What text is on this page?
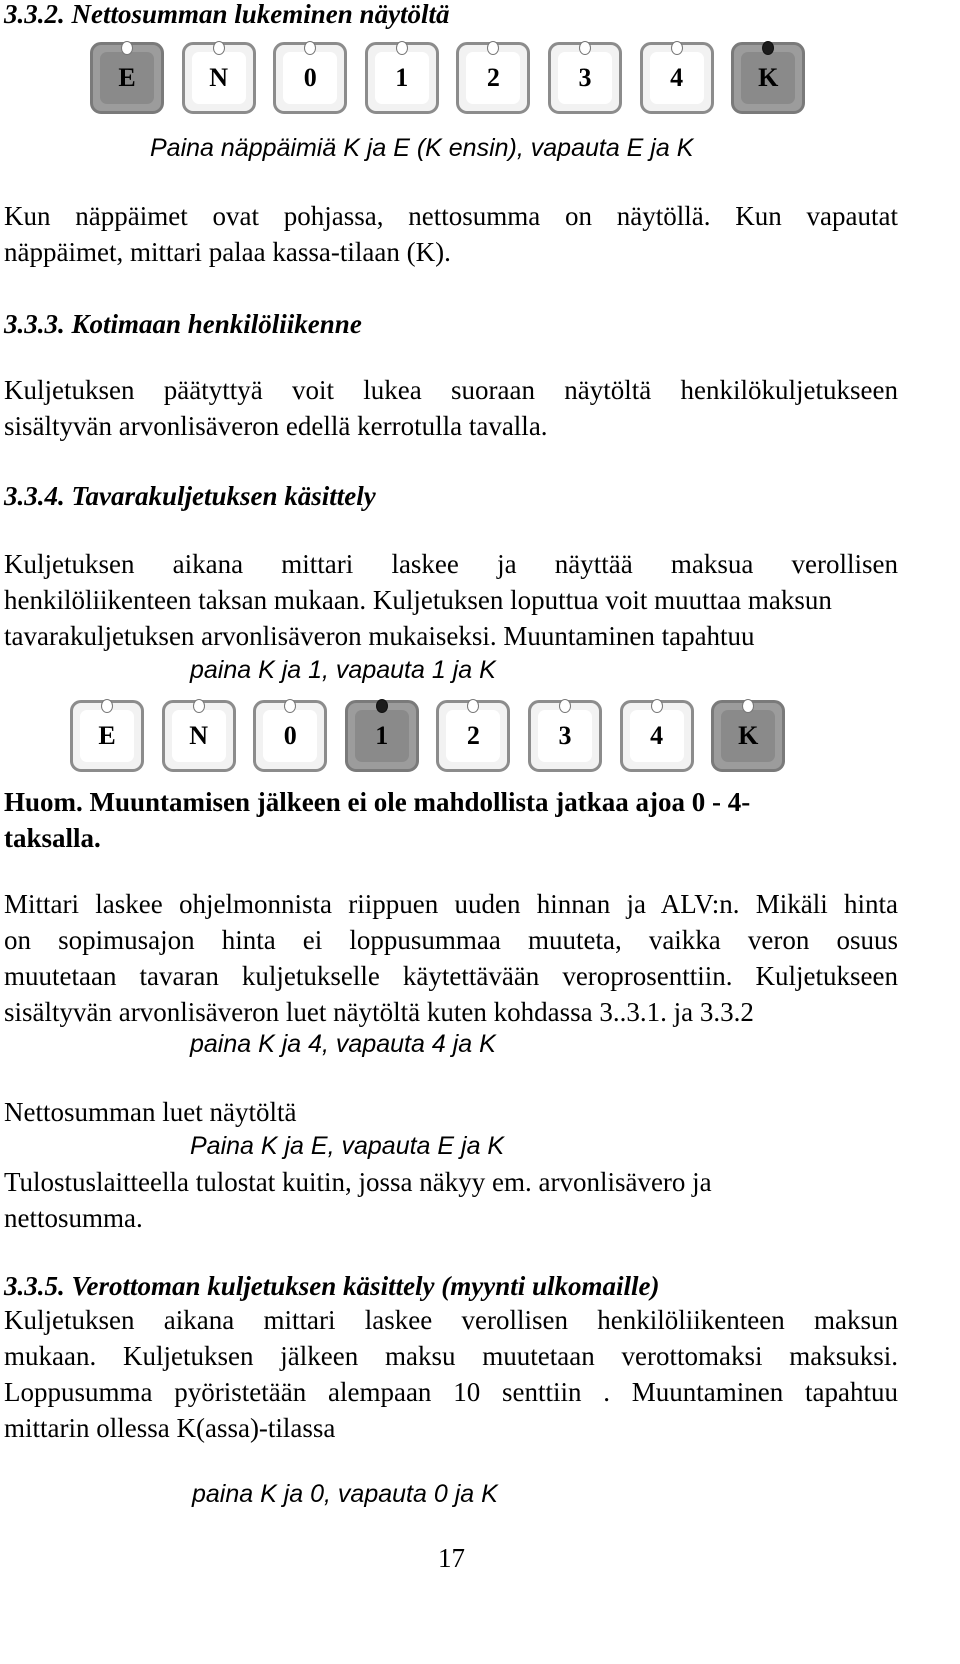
3.3.2. Nettosumman lukeminen näytöltä

E	N	0	1	2	3	4	K

Paina näppäimiä K ja E (K ensin), vapauta E ja K

Kun näppäimet ovat pohjassa, nettosumma on näytöllä. Kun vapautat

näppäimet, mittari palaa kassa-tilaan (K).

3.3.3. Kotimaan henkilöliikenne

Kuljetuksen päätyttyä voit lukea suoraan näytöltä henkilökuljetukseen

sisältyvän arvonlisäveron edellä kerrotulla tavalla.

3.3.4. Tavarakuljetuksen käsittely

Kuljetuksen aikana mittari laskee ja näyttää maksua verollisen

henkilöliikenteen taksan mukaan. Kuljetuksen loputtua voit muuttaa maksun

tavarakuljetuksen arvonlisäveron mukaiseksi. Muuntaminen tapahtuu

paina K ja 1, vapauta 1 ja K

E	N	0	1	2	3	4	K

Huom. Muuntamisen jälkeen ei ole mahdollista jatkaa ajoa 0 - 4-

taksalla.

Mittari laskee ohjelmonnista riippuen uuden hinnan ja ALV:n. Mikäli hinta

on sopimusajon hinta ei loppusummaa muuteta, vaikka veron osuus

muutetaan tavaran kuljetukselle käytettävään veroprosenttiin. Kuljetukseen

sisältyvän arvonlisäveron luet näytöltä kuten kohdassa 3..3.1. ja 3.3.2

paina K ja 4, vapauta 4 ja K

Nettosumman luet näytöltä

Paina K ja E, vapauta E ja K

Tulostuslaitteella tulostat kuitin, jossa näkyy em. arvonlisävero ja

nettosumma.

3.3.5. Verottoman kuljetuksen käsittely (myynti ulkomaille)

Kuljetuksen aikana mittari laskee verollisen henkilöliikenteen maksun

mukaan. Kuljetuksen jälkeen maksu muutetaan verottomaksi maksuksi.

Loppusumma pyöristetään alempaan 10 senttiin . Muuntaminen tapahtuu

mittarin ollessa K(assa)-tilassa

paina K ja 0, vapauta 0 ja K

17
